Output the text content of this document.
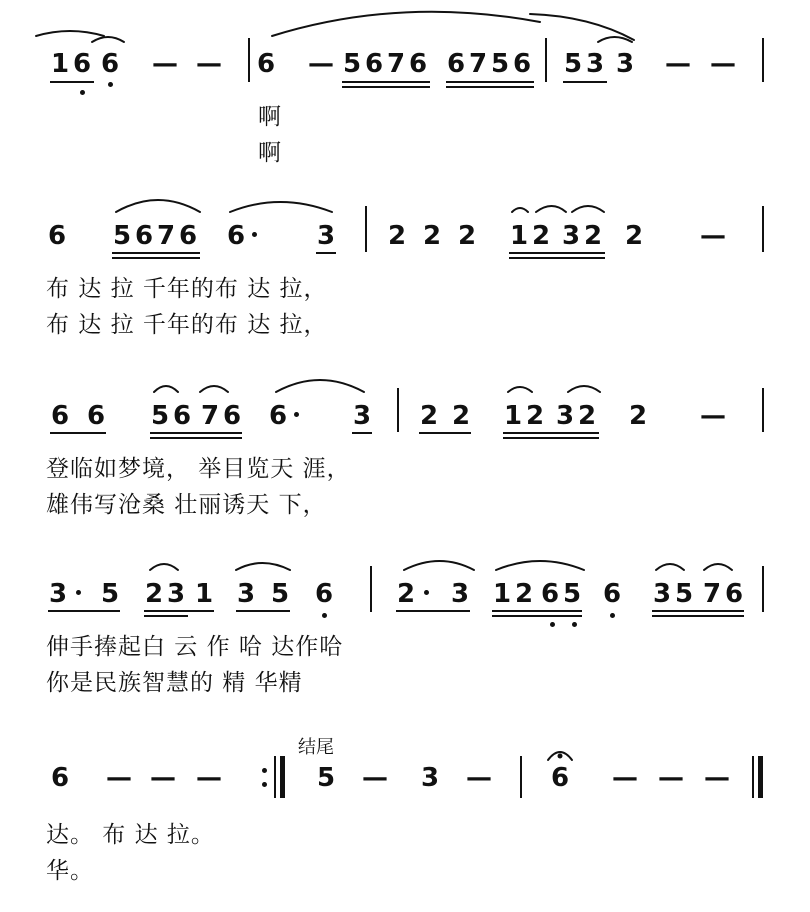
1 6 6 — — 6 — 5 6 7 6 6 7 5 6 5 3 3 — —
啊
啊
6 5 6 7 6 6	3 2 2 2 1 2 3 2 2 —
布 达 拉 千年的布 达 拉，
布 达 拉 千年的布 达 拉，
6 6 5 6 7 6 6	3 2 2 1 2 3 2 2 —
登临如梦境， 举目览天 涯，
雄伟写沧桑 壮丽诱天 下，
3 5 2 3 1 3 5 6 2 3 1 2 6 5 6 3 5 7 6
伸手捧起白 云 作 哈 达作哈
你是民族智慧的 精 华精
结尾
6 — — —	5 — 3 — 6 — — —
达。 布 达 拉。
华。
